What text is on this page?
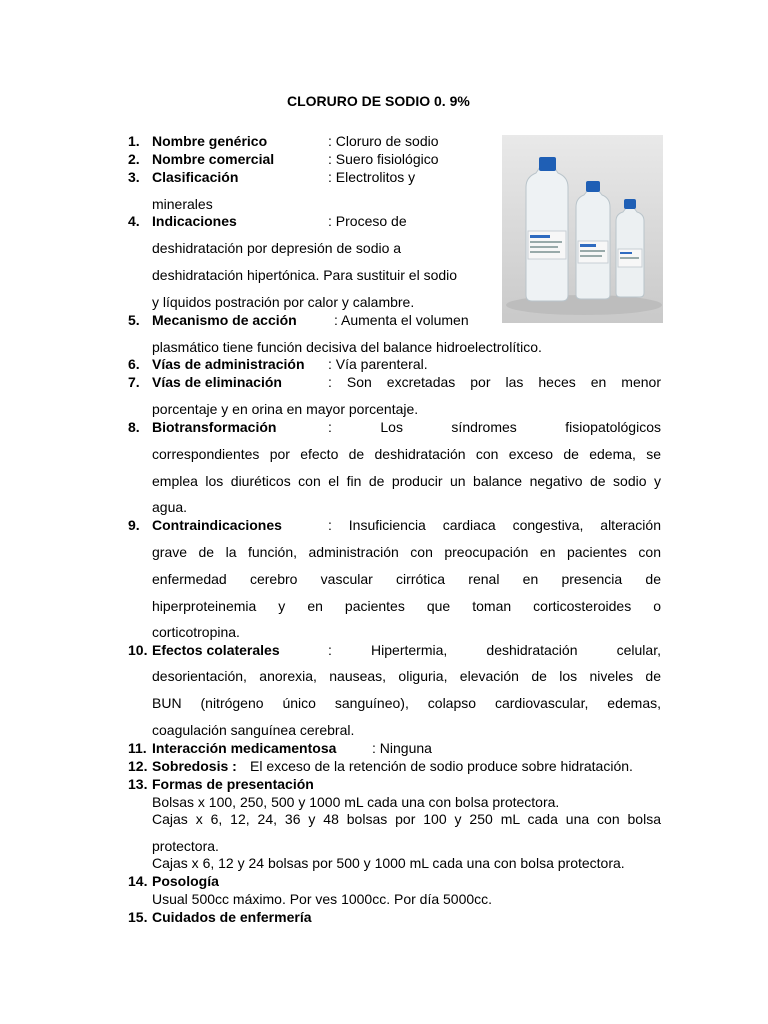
CLORURO DE SODIO 0. 9%
1. Nombre genérico	: Cloruro de sodio
2. Nombre comercial	: Suero fisiológico
3. Clasificación	: Electrolitos y
minerales
4. Indicaciones	: Proceso de
deshidratación por depresión de sodio a
deshidratación hipertónica. Para sustituir el sodio
y líquidos postración por calor y calambre.
5. Mecanismo de acción	: Aumenta el volumen
plasmático tiene función decisiva del balance hidroelectrolítico.
6. Vías de administración : Vía parenteral.
7. Vías de eliminación	: Son excretadas por las heces en menor
porcentaje y en orina en mayor porcentaje.
8. Biotransformación	: Los síndromes fisiopatológicos
correspondientes por efecto de deshidratación con exceso de edema, se
emplea los diuréticos con el fin de producir un balance negativo de sodio y
agua.
9. Contraindicaciones	: Insuficiencia cardiaca congestiva, alteración
grave de la función, administración con preocupación en pacientes con
enfermedad cerebro vascular cirrótica renal en presencia de
hiperproteinemia y en pacientes que toman corticosteroides o
corticotropina.
10. Efectos colaterales	: Hipertermia, deshidratación celular,
desorientación, anorexia, nauseas, oliguria, elevación de los niveles de
BUN (nitrógeno único sanguíneo), colapso cardiovascular, edemas,
coagulación sanguínea cerebral.
11. Interacción medicamentosa	: Ninguna
12. Sobredosis : El exceso de la retención de sodio produce sobre hidratación.
13. Formas de presentación
Bolsas x 100, 250, 500 y 1000 mL cada una con bolsa protectora.
Cajas x 6, 12, 24, 36 y 48 bolsas por 100 y 250 mL cada una con bolsa
protectora.
Cajas x 6, 12 y 24 bolsas por 500 y 1000 mL cada una con bolsa protectora.
14. Posología
Usual 500cc máximo. Por ves 1000cc. Por día 5000cc.
15. Cuidados de enfermería
